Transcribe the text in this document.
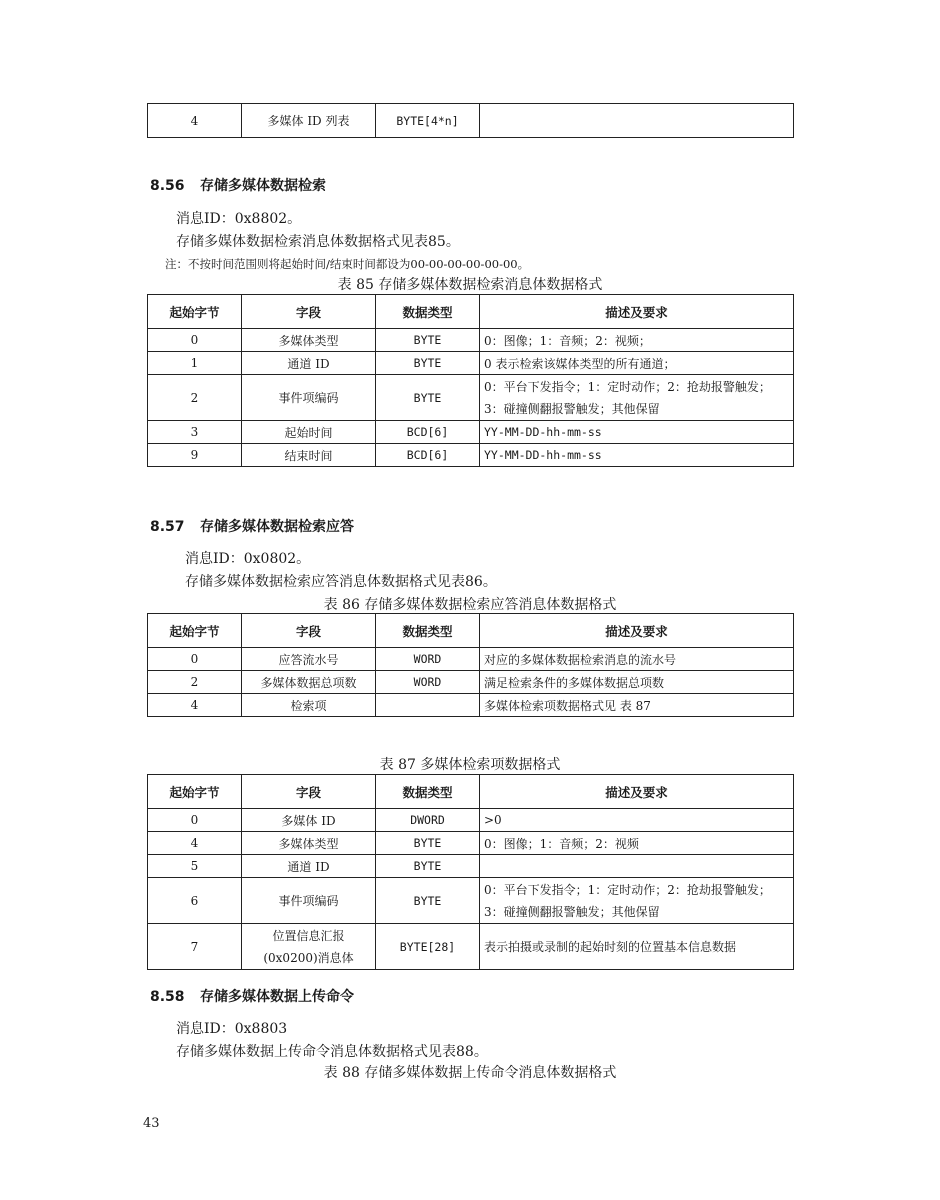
4	多媒体 ID 列表	BYTE[4*n]	
8.56 存储多媒体数据检索
消息ID：0x8802。
存储多媒体数据检索消息体数据格式见表85。
注：不按时间范围则将起始时间/结束时间都设为00-00-00-00-00-00。
表 85 存储多媒体数据检索消息体数据格式
起始字节	字段	数据类型	描述及要求
0	多媒体类型	BYTE	0：图像；1：音频；2：视频；
1	通道 ID	BYTE	0 表示检索该媒体类型的所有通道；
2	事件项编码	BYTE	0：平台下发指令；1：定时动作；2：抢劫报警触发；3：碰撞侧翻报警触发；其他保留
3	起始时间	BCD[6]	YY-MM-DD-hh-mm-ss
9	结束时间	BCD[6]	YY-MM-DD-hh-mm-ss
8.57 存储多媒体数据检索应答
消息ID：0x0802。
存储多媒体数据检索应答消息体数据格式见表86。
表 86 存储多媒体数据检索应答消息体数据格式
起始字节	字段	数据类型	描述及要求
0	应答流水号	WORD	对应的多媒体数据检索消息的流水号
2	多媒体数据总项数	WORD	满足检索条件的多媒体数据总项数
4	检索项		多媒体检索项数据格式见 表 87
表 87 多媒体检索项数据格式
起始字节	字段	数据类型	描述及要求
0	多媒体 ID	DWORD	>0
4	多媒体类型	BYTE	0：图像；1：音频；2：视频
5	通道 ID	BYTE	
6	事件项编码	BYTE	0：平台下发指令；1：定时动作；2：抢劫报警触发；3：碰撞侧翻报警触发；其他保留
7	位置信息汇报(0x0200)消息体	BYTE[28]	表示拍摄或录制的起始时刻的位置基本信息数据
8.58 存储多媒体数据上传命令
消息ID：0x8803
存储多媒体数据上传命令消息体数据格式见表88。
表 88 存储多媒体数据上传命令消息体数据格式
43
